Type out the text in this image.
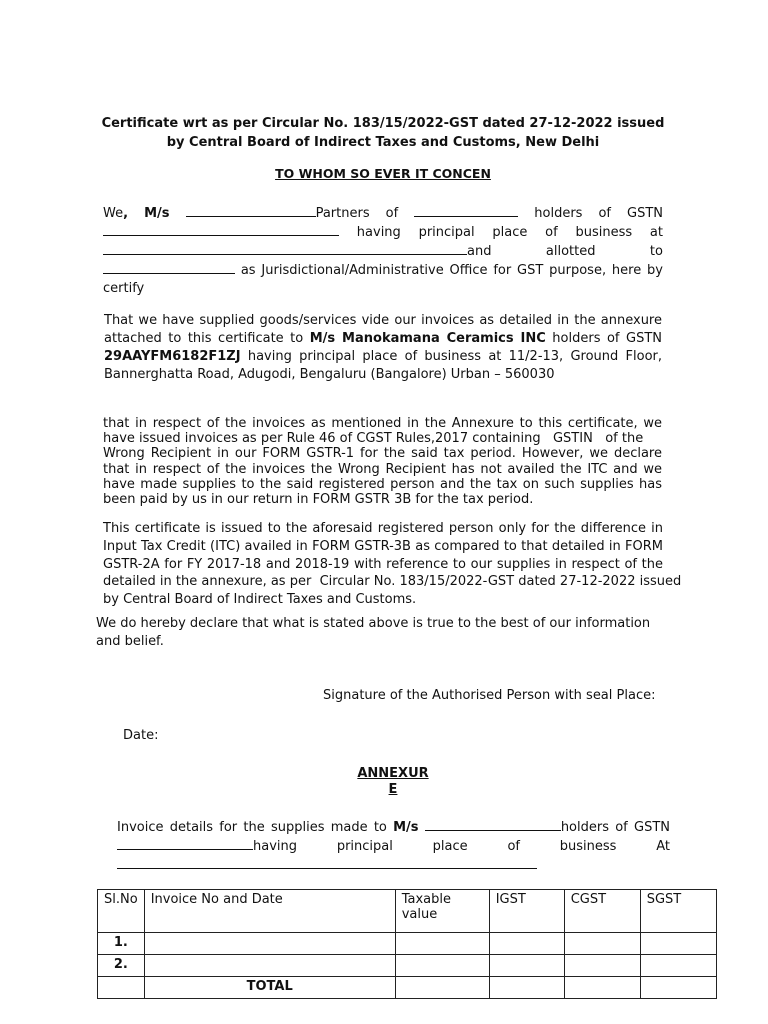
Certificate wrt as per Circular No. 183/15/2022-GST dated 27-12-2022 issued
by Central Board of Indirect Taxes and Customs, New Delhi
TO WHOM SO EVER IT CONCEN
We, M/s	Partners of	holders of GSTN
having principal place of business at
and allotted to
as Jurisdictional/Administrative Office for GST purpose, here by
certify
That we have supplied goods/services vide our invoices as detailed in the annexure
attached to this certificate to M/s Manokamana Ceramics INC holders of GSTN
29AAYFM6182F1ZJ having principal place of business at 11/2-13, Ground Floor,
Bannerghatta Road, Adugodi, Bengaluru (Bangalore) Urban – 560030
that in respect of the invoices as mentioned in the Annexure to this certificate, we
have issued invoices as per Rule 46 of CGST Rules,2017 containing   GSTIN   of the
Wrong Recipient in our FORM GSTR-1 for the said tax period. However, we declare
that in respect of the invoices the Wrong Recipient has not availed the ITC and we
have made supplies to the said registered person and the tax on such supplies has
been paid by us in our return in FORM GSTR 3B for the tax period.
This certificate is issued to the aforesaid registered person only for the difference in
Input Tax Credit (ITC) availed in FORM GSTR-3B as compared to that detailed in FORM
GSTR-2A for FY 2017-18 and 2018-19 with reference to our supplies in respect of the
detailed in the annexure, as per  Circular No. 183/15/2022-GST dated 27-12-2022 issued
by Central Board of Indirect Taxes and Customs.
We do hereby declare that what is stated above is true to the best of our information
and belief.
Signature of the Authorised Person with seal Place:
Date:
ANNEXUR
E
Invoice details for the supplies made to M/s	holders of GSTN
having	principal	place	of	business	At
Sl.No	Invoice No and Date	Taxable value	IGST	CGST	SGST
1.					
2.					
	TOTAL				
